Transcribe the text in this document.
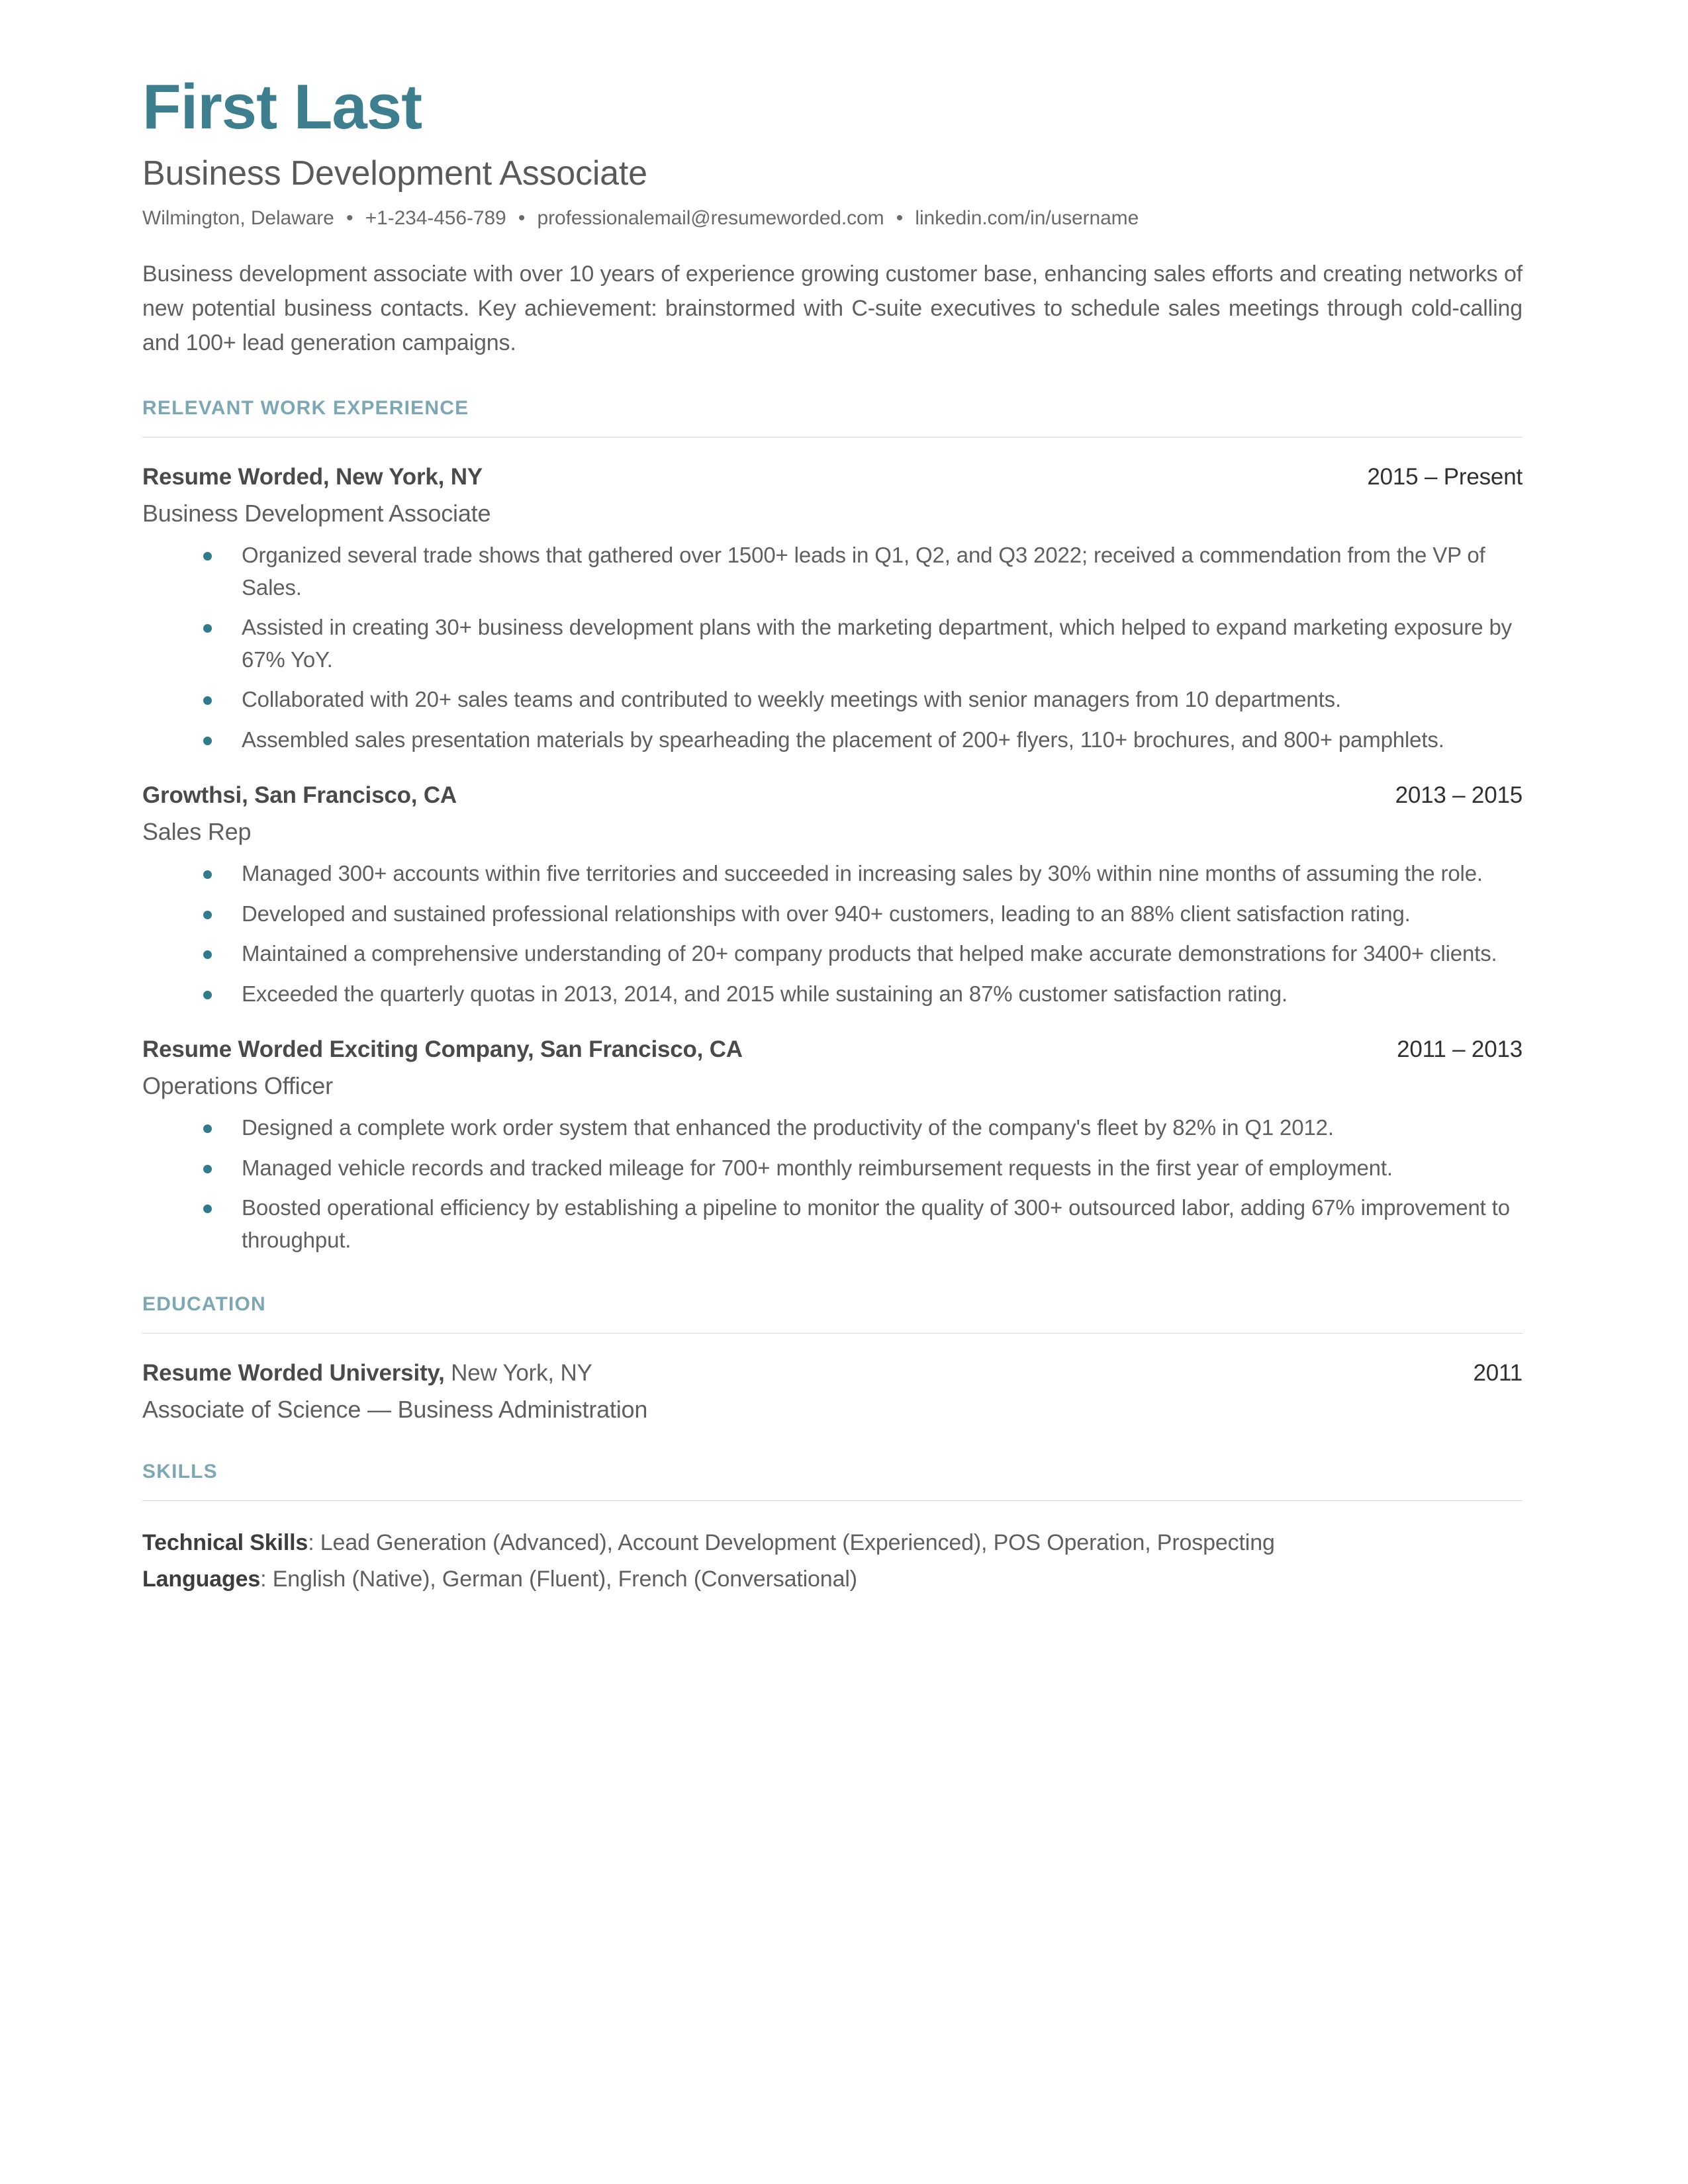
First Last
Business Development Associate
Wilmington, Delaware • +1-234-456-789 • professionalemail@resumeworded.com • linkedin.com/in/username

Business development associate with over 10 years of experience growing customer base, enhancing sales efforts and creating networks of new potential business contacts. Key achievement: brainstormed with C-suite executives to schedule sales meetings through cold-calling and 100+ lead generation campaigns.

RELEVANT WORK EXPERIENCE
Resume Worded, New York, NY	2015 – Present
Business Development Associate
Organized several trade shows that gathered over 1500+ leads in Q1, Q2, and Q3 2022; received a commendation from the VP of Sales.
Assisted in creating 30+ business development plans with the marketing department, which helped to expand marketing exposure by 67% YoY.
Collaborated with 20+ sales teams and contributed to weekly meetings with senior managers from 10 departments.
Assembled sales presentation materials by spearheading the placement of 200+ flyers, 110+ brochures, and 800+ pamphlets.
Growthsi, San Francisco, CA	2013 – 2015
Sales Rep
Managed 300+ accounts within five territories and succeeded in increasing sales by 30% within nine months of assuming the role.
Developed and sustained professional relationships with over 940+ customers, leading to an 88% client satisfaction rating.
Maintained a comprehensive understanding of 20+ company products that helped make accurate demonstrations for 3400+ clients.
Exceeded the quarterly quotas in 2013, 2014, and 2015 while sustaining an 87% customer satisfaction rating.
Resume Worded Exciting Company, San Francisco, CA	2011 – 2013
Operations Officer
Designed a complete work order system that enhanced the productivity of the company's fleet by 82% in Q1 2012.
Managed vehicle records and tracked mileage for 700+ monthly reimbursement requests in the first year of employment.
Boosted operational efficiency by establishing a pipeline to monitor the quality of 300+ outsourced labor, adding 67% improvement to throughput.
EDUCATION
Resume Worded University, New York, NY	2011
Associate of Science — Business Administration
SKILLS
Technical Skills: Lead Generation (Advanced), Account Development (Experienced), POS Operation, Prospecting
Languages: English (Native), German (Fluent), French (Conversational)
